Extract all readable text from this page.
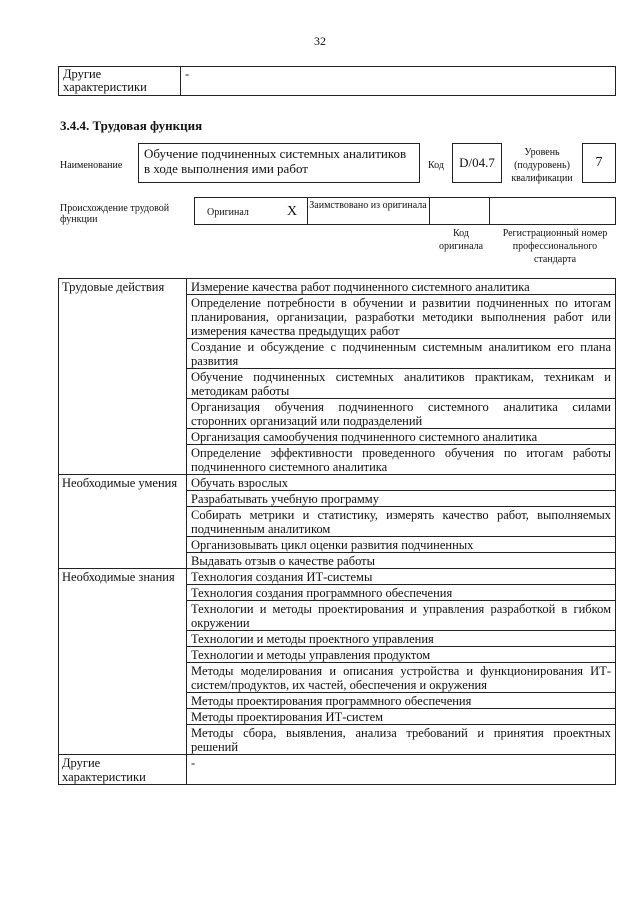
32
Другие характеристики	-
3.4.4. Трудовая функция
Наименование
Обучение подчиненных системных аналитиков в ходе выполнения ими работ	Код	D/04.7
Уровень (подуровень) квалификации
7
Происхождение трудовой функции
Оригинал	X Заимствовано из оригинала
Код оригинала
Регистрационный номер профессионального стандарта
Трудовые действия	Измерение качества работ подчиненного системного аналитика
	Определение потребности в обучении и развитии подчиненных по итогам планирования, организации, разработки методики выполнения работ или измерения качества предыдущих работ
	Создание и обсуждение с подчиненным системным аналитиком его плана развития
	Обучение подчиненных системных аналитиков практикам, техникам и методикам работы
	Организация обучения подчиненного системного аналитика силами сторонних организаций или подразделений
	Организация самообучения подчиненного системного аналитика
	Определение эффективности проведенного обучения по итогам работы подчиненного системного аналитика
Необходимые умения	Обучать взрослых
	Разрабатывать учебную программу
	Собирать метрики и статистику, измерять качество работ, выполняемых подчиненным аналитиком
	Организовывать цикл оценки развития подчиненных
	Выдавать отзыв о качестве работы
Необходимые знания	Технология создания ИТ-системы
	Технология создания программного обеспечения
	Технологии и методы проектирования и управления разработкой в гибком окружении
	Технологии и методы проектного управления
	Технологии и методы управления продуктом
	Методы моделирования и описания устройства и функционирования ИТ-систем/продуктов, их частей, обеспечения и окружения
	Методы проектирования программного обеспечения
	Методы проектирования ИТ-систем
	Методы сбора, выявления, анализа требований и принятия проектных решений
Другие характеристики	-
